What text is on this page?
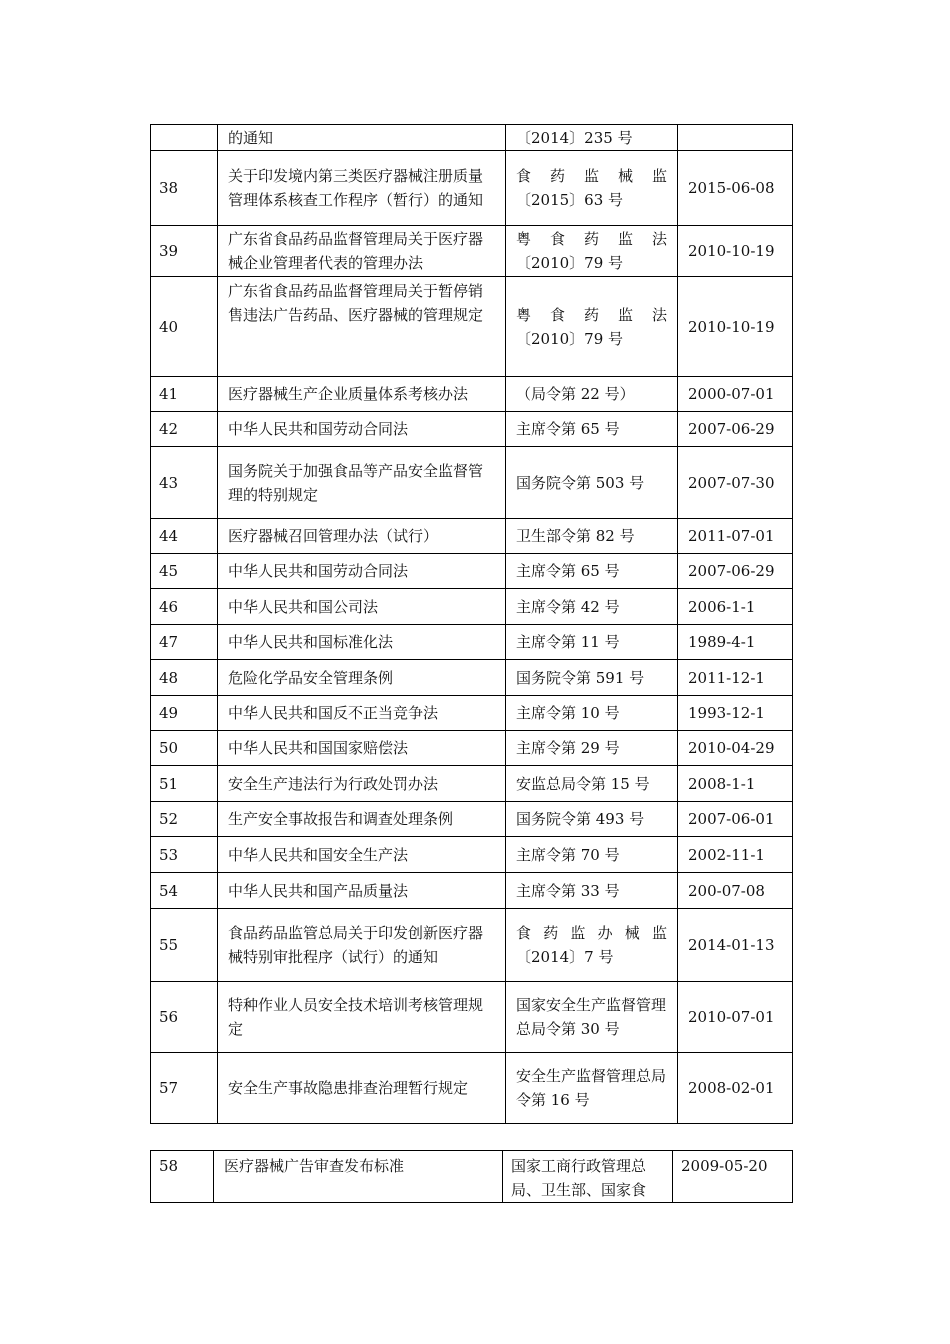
	的通知	〔2014〕235 号	
38	关于印发境内第三类医疗器械注册质量管理体系核查工作程序（暂行）的通知	食 药 监 械 监
〔2015〕63 号	2015-06-08
39	广东省食品药品监督管理局关于医疗器械企业管理者代表的管理办法	粤 食 药 监 法
〔2010〕79 号	2010-10-19
40	广东省食品药品监督管理局关于暂停销售违法广告药品、医疗器械的管理规定	粤 食 药 监 法
〔2010〕79 号	2010-10-19
41	医疗器械生产企业质量体系考核办法	（局令第 22 号）	2000-07-01
42	中华人民共和国劳动合同法	主席令第 65 号	2007-06-29
43	国务院关于加强食品等产品安全监督管理的特别规定	国务院令第 503 号	2007-07-30
44	医疗器械召回管理办法（试行）	卫生部令第 82 号	2011-07-01
45	中华人民共和国劳动合同法	主席令第 65 号	2007-06-29
46	中华人民共和国公司法	主席令第 42 号	2006-1-1
47	中华人民共和国标准化法	主席令第 11 号	1989-4-1
48	危险化学品安全管理条例	国务院令第 591 号	2011-12-1
49	中华人民共和国反不正当竞争法	主席令第 10 号	1993-12-1
50	中华人民共和国国家赔偿法	主席令第 29 号	2010-04-29
51	安全生产违法行为行政处罚办法	安监总局令第 15 号	2008-1-1
52	生产安全事故报告和调查处理条例	国务院令第 493 号	2007-06-01
53	中华人民共和国安全生产法	主席令第 70 号	2002-11-1
54	中华人民共和国产品质量法	主席令第 33 号	200-07-08
55	食品药品监管总局关于印发创新医疗器械特别审批程序（试行）的通知	食 药 监 办 械 监
〔2014〕7 号	2014-01-13
56	特种作业人员安全技术培训考核管理规定	国家安全生产监督管理总局令第 30 号	2010-07-01
57	安全生产事故隐患排查治理暂行规定	安全生产监督管理总局令第 16 号	2008-02-01
58	医疗器械广告审查发布标准	国家工商行政管理总局、卫生部、国家食	2009-05-20
